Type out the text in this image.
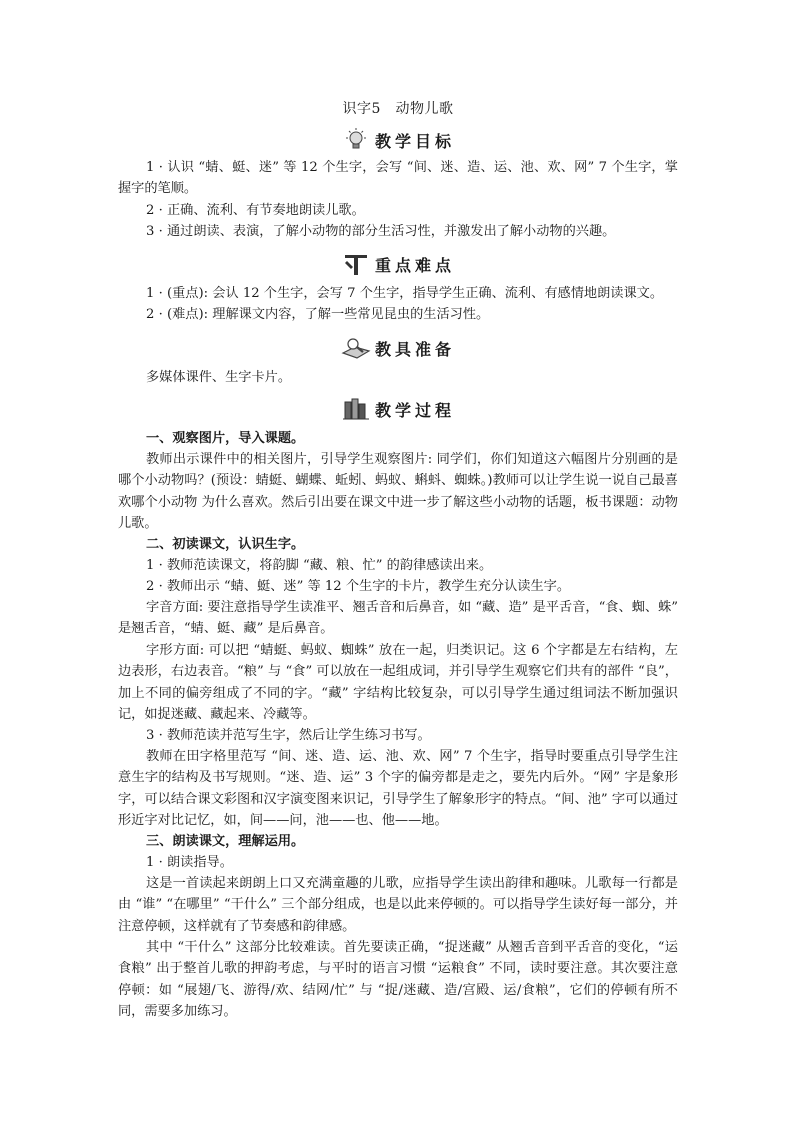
识字5　动物儿歌
教学目标

1 · 认识 “蜻、蜓、迷” 等 12 个生字，会写 “间、迷、造、运、池、欢、网” 7 个生字，掌握字的笔顺。

2 · 正确、流利、有节奏地朗读儿歌。

3 · 通过朗读、表演，了解小动物的部分生活习性，并激发出了解小动物的兴趣。

重点难点

1 · (重点): 会认 12 个生字，会写 7 个生字，指导学生正确、流利、有感情地朗读课文。

2 · (难点): 理解课文内容，了解一些常见昆虫的生活习性。

教具准备

多媒体课件、生字卡片。

教学过程

一、观察图片，导入课题。

教师出示课件中的相关图片，引导学生观察图片: 同学们，你们知道这六幅图片分别画的是哪个小动物吗？(预设：蜻蜓、蝴蝶、蚯蚓、蚂蚁、蝌蚪、蜘蛛。)教师可以让学生说一说自己最喜欢哪个小动物 为什么喜欢。然后引出要在课文中进一步了解这些小动物的话题，板书课题：动物儿歌。

二、初读课文，认识生字。

1 · 教师范读课文，将韵脚 “藏、粮、忙” 的韵律感读出来。

2 · 教师出示 “蜻、蜓、迷” 等 12 个生字的卡片，教学生充分认读生字。

字音方面: 要注意指导学生读准平、翘舌音和后鼻音，如 “藏、造” 是平舌音，“食、蜘、蛛” 是翘舌音，“蜻、蜓、藏” 是后鼻音。

字形方面: 可以把 “蜻蜓、蚂蚁、蜘蛛” 放在一起，归类识记。这 6 个字都是左右结构，左边表形，右边表音。“粮” 与 “食” 可以放在一起组成词，并引导学生观察它们共有的部件 “良”，加上不同的偏旁组成了不同的字。“藏” 字结构比较复杂，可以引导学生通过组词法不断加强识记，如捉迷藏、藏起来、冷藏等。

3 · 教师范读并范写生字，然后让学生练习书写。

教师在田字格里范写 “间、迷、造、运、池、欢、网” 7 个生字，指导时要重点引导学生注意生字的结构及书写规则。“迷、造、运” 3 个字的偏旁都是走之，要先内后外。“网” 字是象形字，可以结合课文彩图和汉字演变图来识记，引导学生了解象形字的特点。“间、池” 字可以通过形近字对比记忆，如，间——问，池——也、他——地。

三、朗读课文，理解运用。

1 · 朗读指导。

这是一首读起来朗朗上口又充满童趣的儿歌，应指导学生读出韵律和趣味。儿歌每一行都是由 “谁” “在哪里” “干什么” 三个部分组成，也是以此来停顿的。可以指导学生读好每一部分，并注意停顿，这样就有了节奏感和韵律感。

其中 “干什么” 这部分比较难读。首先要读正确，“捉迷藏” 从翘舌音到平舌音的变化，“运食粮” 出于整首儿歌的押韵考虑，与平时的语言习惯 “运粮食” 不同，读时要注意。其次要注意停顿：如 “展翅/飞、游得/欢、结网/忙” 与 “捉/迷藏、造/宫殿、运/食粮”，它们的停顿有所不同，需要多加练习。
